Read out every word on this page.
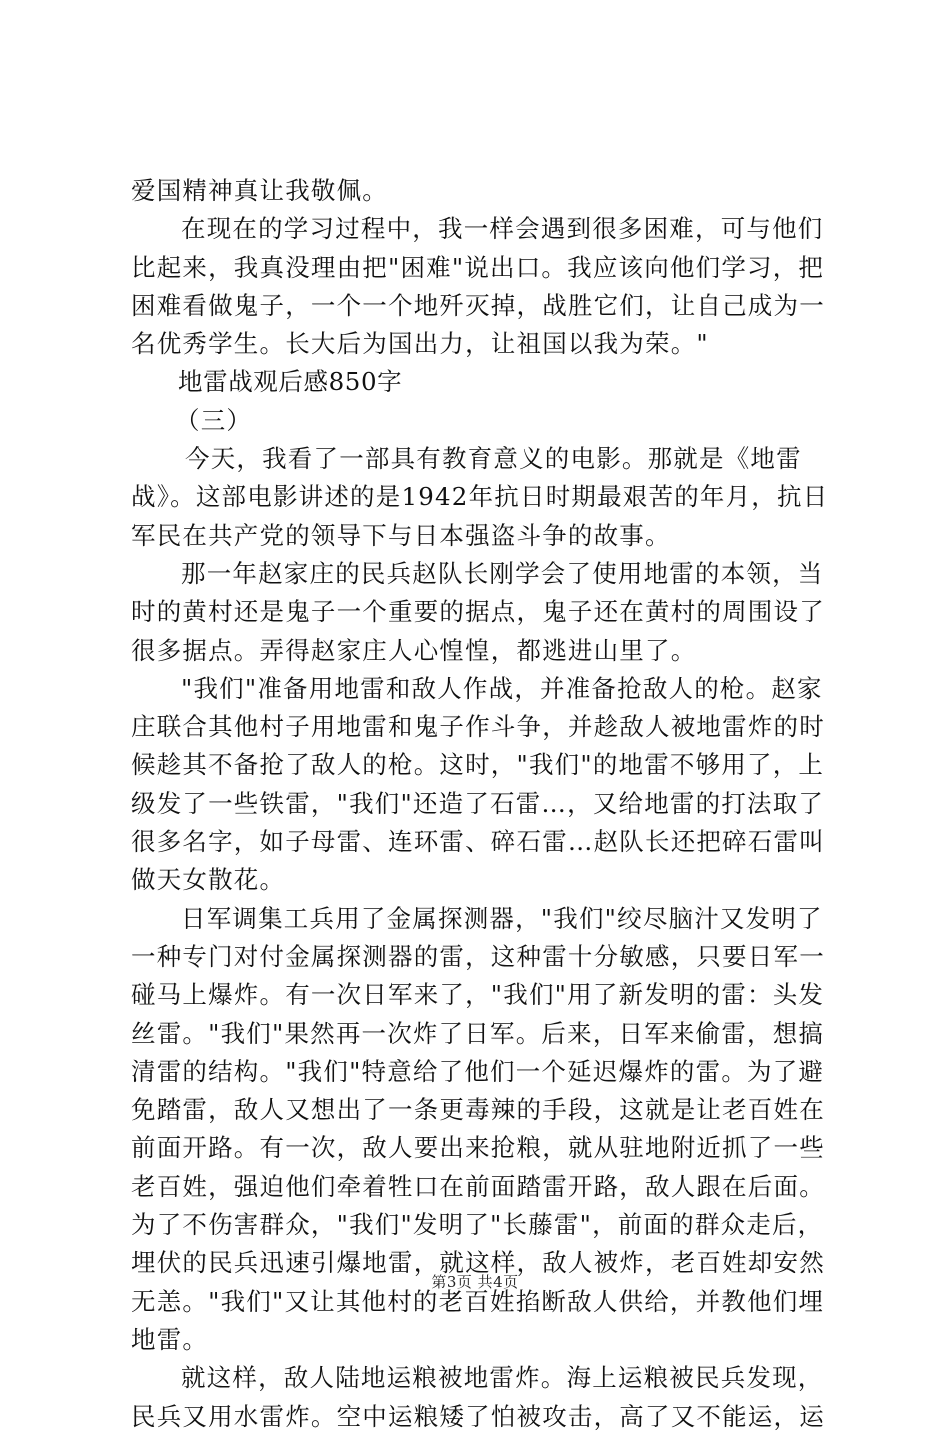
爱国精神真让我敬佩。
在现在的学习过程中，我一样会遇到很多困难，可与他们
比起来，我真没理由把"困难"说出口。我应该向他们学习，把
困难看做鬼子，一个一个地歼灭掉，战胜它们，让自己成为一
名优秀学生。长大后为国出力，让祖国以我为荣。"
地雷战观后感850字
（三）
今天，我看了一部具有教育意义的电影。那就是《地雷
战》。这部电影讲述的是1942年抗日时期最艰苦的年月，抗日
军民在共产党的领导下与日本强盗斗争的故事。
那一年赵家庄的民兵赵队长刚学会了使用地雷的本领，当
时的黄村还是鬼子一个重要的据点，鬼子还在黄村的周围设了
很多据点。弄得赵家庄人心惶惶，都逃进山里了。
"我们"准备用地雷和敌人作战，并准备抢敌人的枪。赵家
庄联合其他村子用地雷和鬼子作斗争，并趁敌人被地雷炸的时
候趁其不备抢了敌人的枪。这时，"我们"的地雷不够用了，上
级发了一些铁雷，"我们"还造了石雷…，又给地雷的打法取了
很多名字，如子母雷、连环雷、碎石雷…赵队长还把碎石雷叫
做天女散花。
日军调集工兵用了金属探测器，"我们"绞尽脑汁又发明了
一种专门对付金属探测器的雷，这种雷十分敏感，只要日军一
碰马上爆炸。有一次日军来了，"我们"用了新发明的雷：头发
丝雷。"我们"果然再一次炸了日军。后来，日军来偷雷，想搞
清雷的结构。"我们"特意给了他们一个延迟爆炸的雷。为了避
免踏雷，敌人又想出了一条更毒辣的手段，这就是让老百姓在
前面开路。有一次，敌人要出来抢粮，就从驻地附近抓了一些
老百姓，强迫他们牵着牲口在前面踏雷开路，敌人跟在后面。
为了不伤害群众，"我们"发明了"长藤雷"，前面的群众走后，
埋伏的民兵迅速引爆地雷，就这样，敌人被炸，老百姓却安然
无恙。"我们"又让其他村的老百姓掐断敌人供给，并教他们埋
地雷。
就这样，敌人陆地运粮被地雷炸。海上运粮被民兵发现，
民兵又用水雷炸。空中运粮矮了怕被攻击，高了又不能运，运
第3页 共4页
